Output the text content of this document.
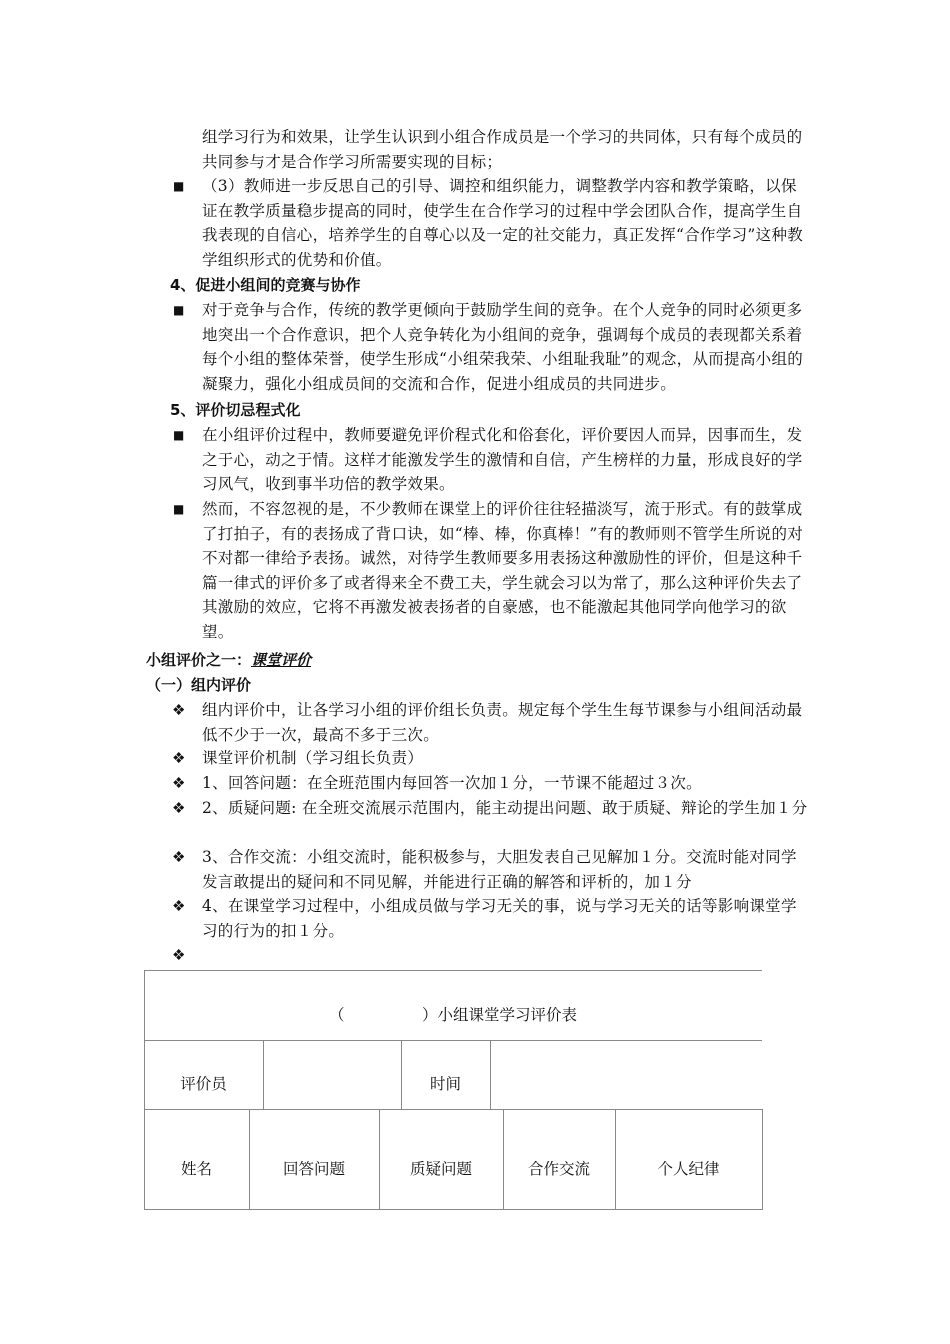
组学习行为和效果，让学生认识到小组合作成员是一个学习的共同体，只有每个成员的共同参与才是合作学习所需要实现的目标；

■ （3）教师进一步反思自己的引导、调控和组织能力，调整教学内容和教学策略，以保证在教学质量稳步提高的同时，使学生在合作学习的过程中学会团队合作，提高学生自我表现的自信心，培养学生的自尊心以及一定的社交能力，真正发挥“合作学习”这种教学组织形式的优势和价值。

4、促进小组间的竞赛与协作
■ 对于竞争与合作，传统的教学更倾向于鼓励学生间的竞争。在个人竞争的同时必须更多地突出一个合作意识，把个人竞争转化为小组间的竞争，强调每个成员的表现都关系着每个小组的整体荣誉，使学生形成“小组荣我荣、小组耻我耻”的观念，从而提高小组的凝聚力，强化小组成员间的交流和合作，促进小组成员的共同进步。

5、评价切忌程式化
■ 在小组评价过程中，教师要避免评价程式化和俗套化，评价要因人而异，因事而生，发之于心，动之于情。这样才能激发学生的激情和自信，产生榜样的力量，形成良好的学习风气，收到事半功倍的教学效果。

■ 然而，不容忽视的是，不少教师在课堂上的评价往往轻描淡写，流于形式。有的鼓掌成了打拍子，有的表扬成了背口诀，如“棒、棒，你真棒！”有的教师则不管学生所说的对不对都一律给予表扬。诚然，对待学生教师要多用表扬这种激励性的评价，但是这种千篇一律式的评价多了或者得来全不费工夫，学生就会习以为常了，那么这种评价失去了其激励的效应，它将不再激发被表扬者的自豪感，也不能激起其他同学向他学习的欲望。

小组评价之一：课堂评价
（一）组内评价
❖ 组内评价中，让各学习小组的评价组长负责。规定每个学生生每节课参与小组间活动最低不少于一次，最高不多于三次。

❖ 课堂评价机制（学习组长负责）

❖ 1、回答问题：在全班范围内每回答一次加１分，一节课不能超过３次。

❖ 2、质疑问题: 在全班交流展示范围内，能主动提出问题、敢于质疑、辩论的学生加１分

❖ 3、合作交流：小组交流时，能积极参与，大胆发表自己见解加１分。交流时能对同学发言敢提出的疑问和不同见解，并能进行正确的解答和评析的，加１分

❖ 4、在课堂学习过程中，小组成员做与学习无关的事，说与学习无关的话等影响课堂学习的行为的扣１分。

❖

（　　　　　）小组课堂学习评价表
评价员	时间
姓名	回答问题	质疑问题	合作交流	个人纪律
